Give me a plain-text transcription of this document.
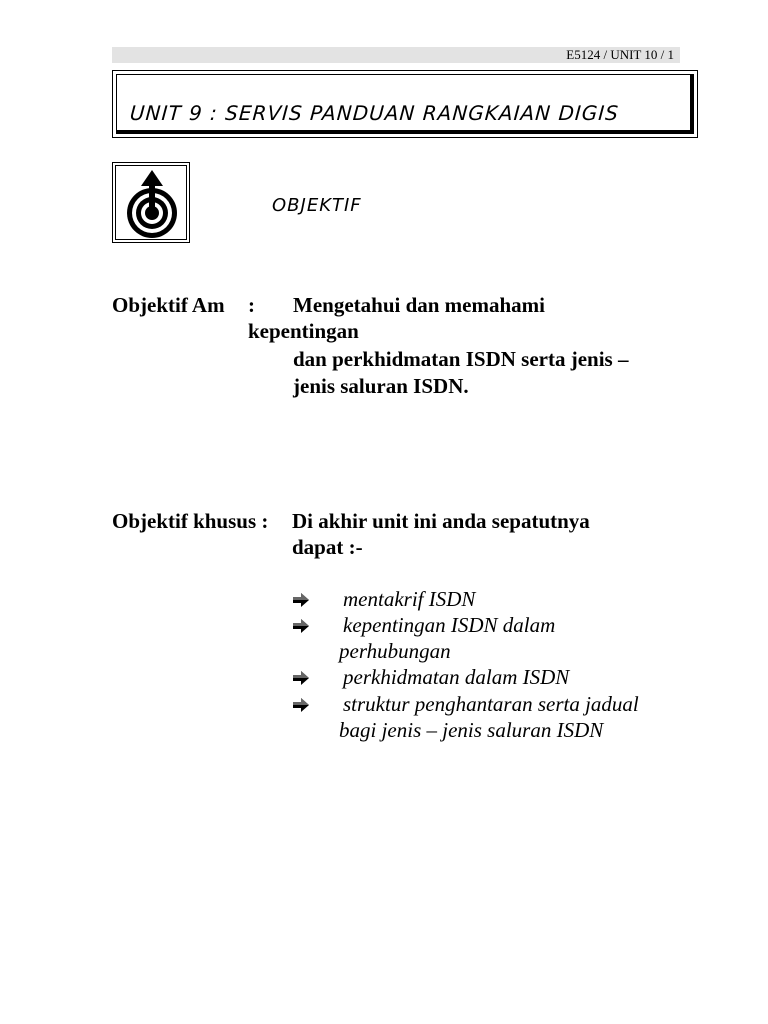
E5124 / UNIT 10 / 1
UNIT 9 : SERVIS PANDUAN RANGKAIAN DIGIS
OBJEKTIF
Objektif Am : Mengetahui dan memahami
kepentingan
dan perkhidmatan ISDN serta jenis –
jenis saluran ISDN.
Objektif khusus : Di akhir unit ini anda sepatutnya
dapat :-
mentakrif ISDN
kepentingan ISDN dalam
perhubungan
perkhidmatan dalam ISDN
struktur penghantaran serta jadual
bagi jenis – jenis saluran ISDN
